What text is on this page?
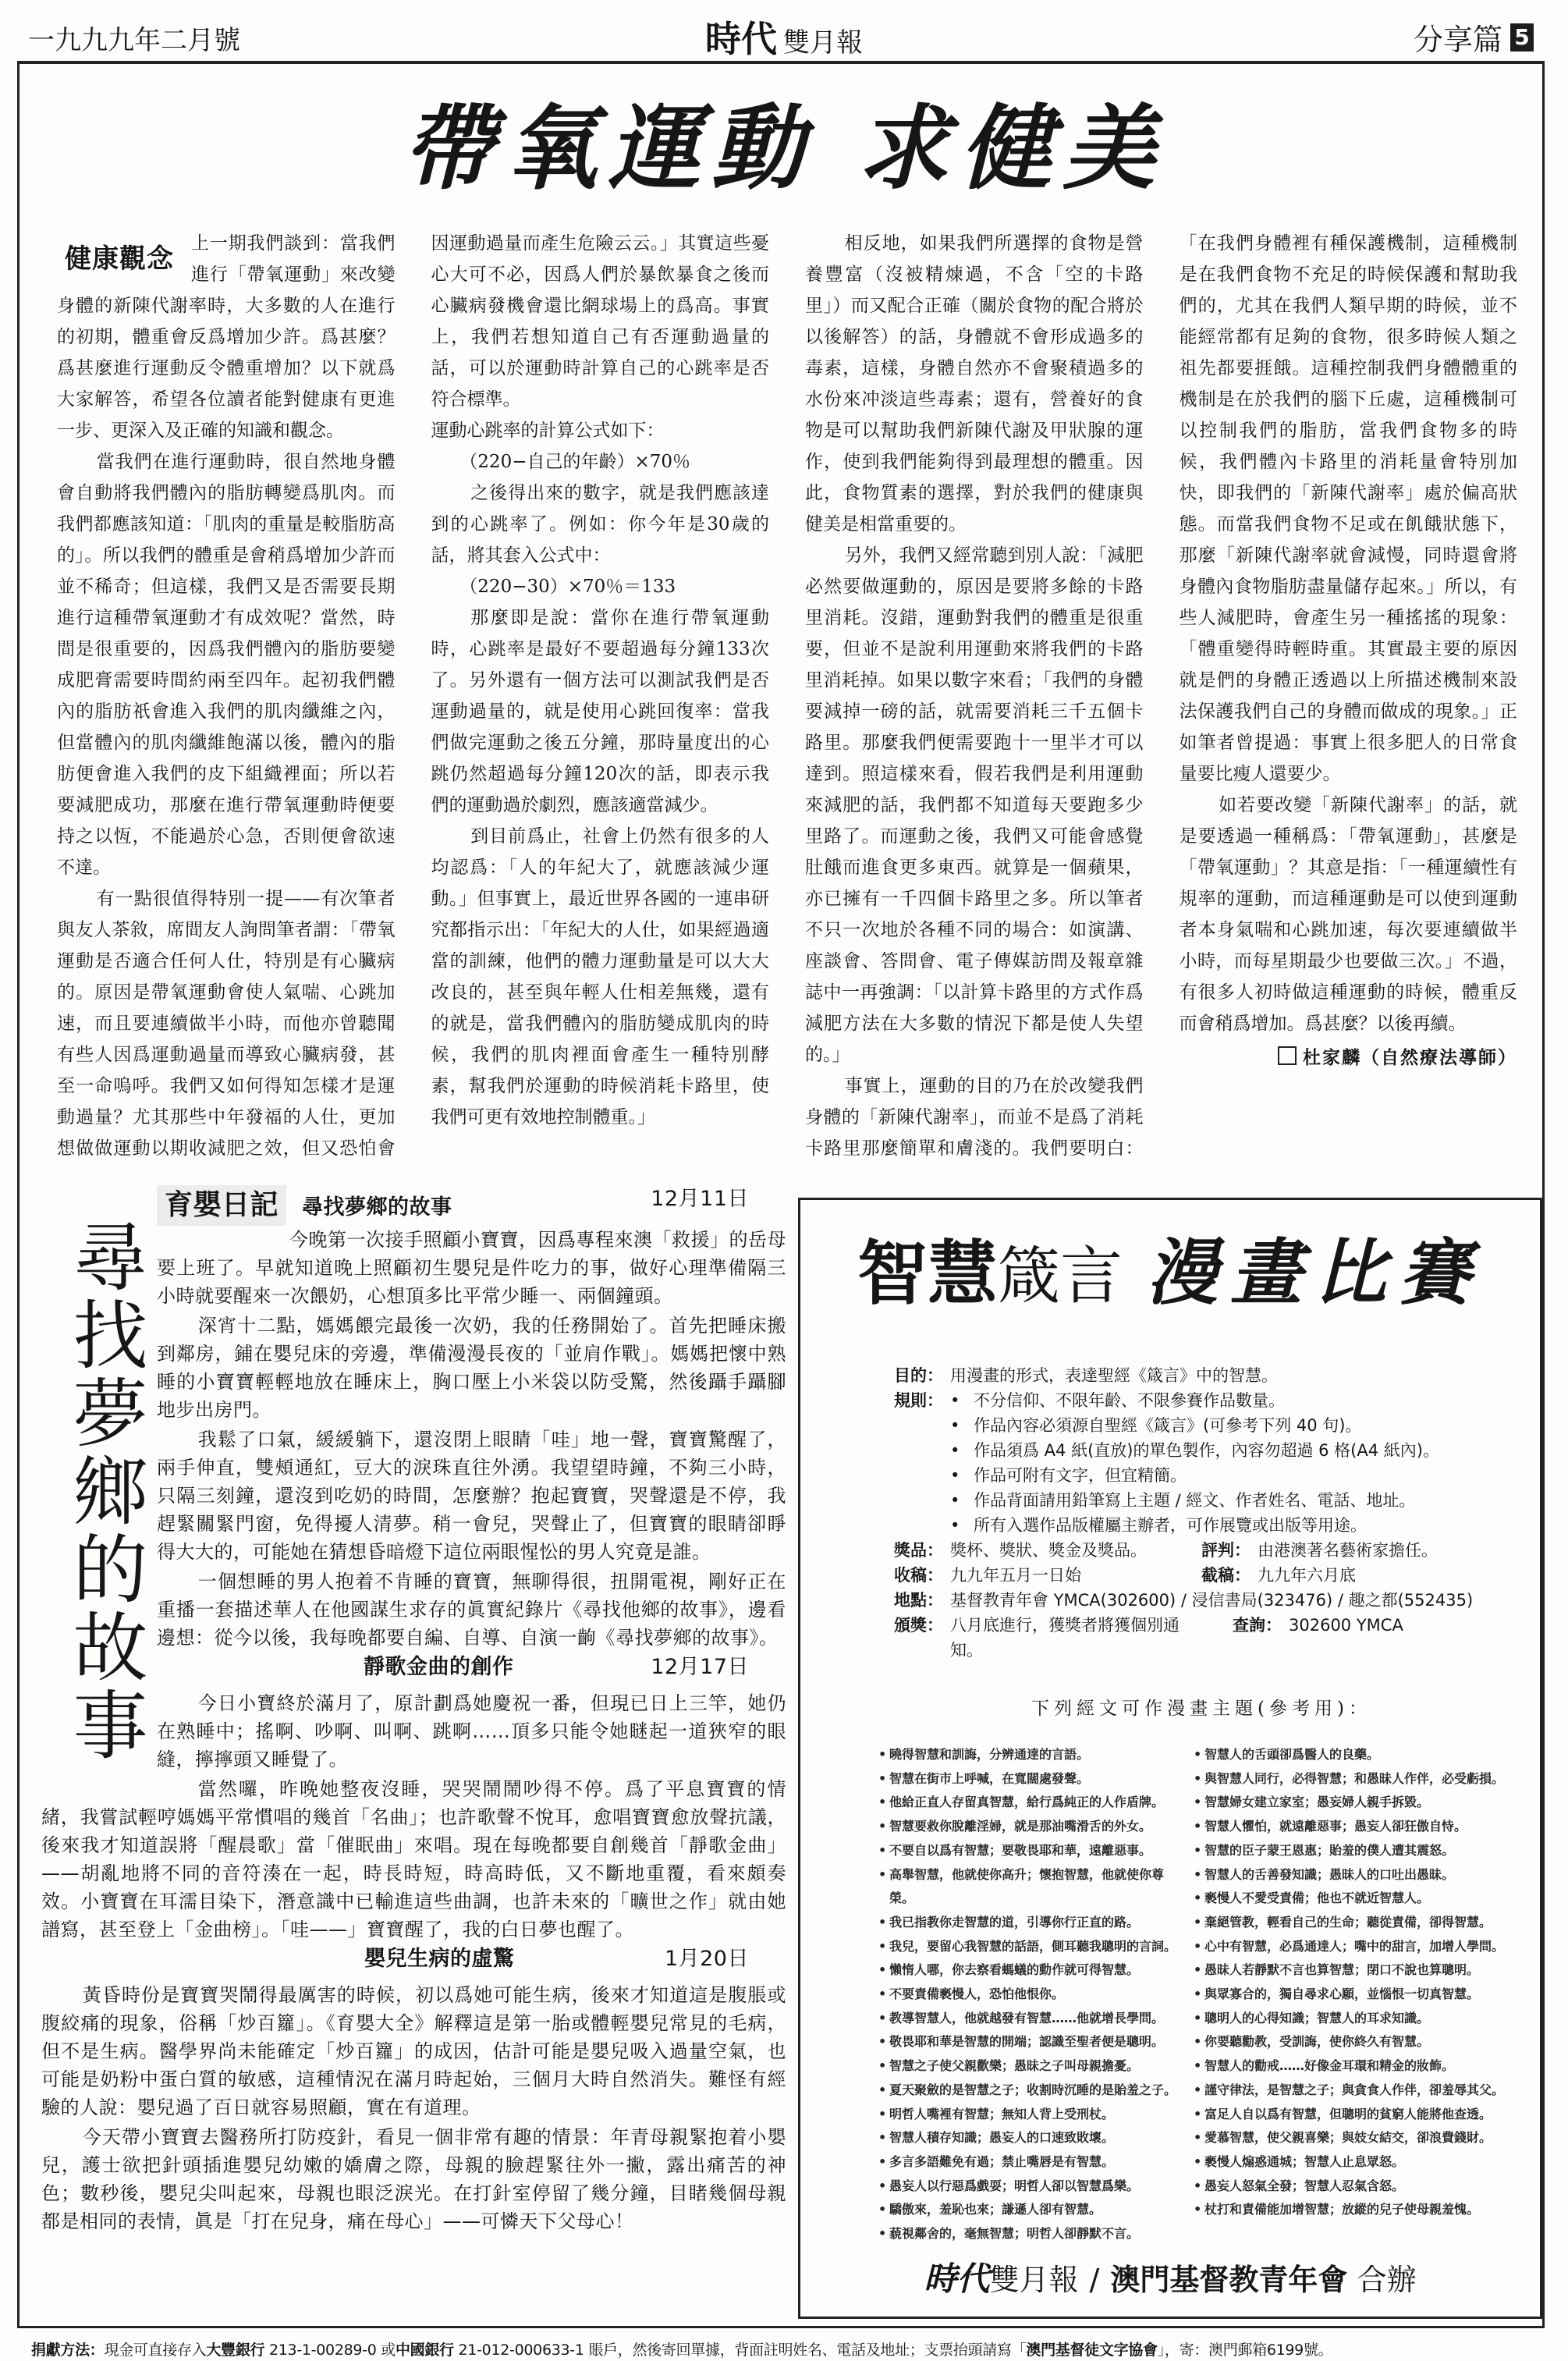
一九九九年二月號	時代 雙月報	分享篇 5
帶氧運動 求健美
健康觀念 上一期我們談到：當我們進行「帶氧運動」來改變身體的新陳代謝率時，大多數的人在進行的初期，體重會反爲增加少許。爲甚麼？爲甚麼進行運動反令體重增加？以下就爲大家解答，希望各位讀者能對健康有更進一步、更深入及正確的知識和觀念。

當我們在進行運動時，很自然地身體會自動將我們體內的脂肪轉變爲肌肉。而我們都應該知道：「肌肉的重量是較脂肪高的」。所以我們的體重是會稍爲增加少許而並不稀奇；但這樣，我們又是否需要長期進行這種帶氧運動才有成效呢？當然，時間是很重要的，因爲我們體內的脂肪要變成肥膏需要時間約兩至四年。起初我們體內的脂肪祇會進入我們的肌肉纖維之內，但當體內的肌肉纖維飽滿以後，體內的脂肪便會進入我們的皮下組織裡面；所以若要減肥成功，那麼在進行帶氧運動時便要持之以恆，不能過於心急，否則便會欲速不達。

有一點很值得特別一提——有次筆者與友人茶敘，席間友人詢問筆者謂：「帶氧運動是否適合任何人仕，特別是有心臟病的。原因是帶氧運動會使人氣喘、心跳加速，而且要連續做半小時，而他亦曾聽聞有些人因爲運動過量而導致心臟病發，甚至一命嗚呼。我們又如何得知怎樣才是運動過量？尤其那些中年發福的人仕，更加想做做運動以期收減肥之效，但又恐怕會因運動過量而產生危險云云。」其實這些憂心大可不必，因爲人們於暴飲暴食之後而心臟病發機會還比網球場上的爲高。事實上，我們若想知道自己有否運動過量的話，可以於運動時計算自己的心跳率是否符合標準。

運動心跳率的計算公式如下：

（220−自己的年齡）×70％

之後得出來的數字，就是我們應該達到的心跳率了。例如：你今年是30歲的話，將其套入公式中：

（220−30）×70％＝133

那麼即是說：當你在進行帶氧運動時，心跳率是最好不要超過每分鐘133次了。另外還有一個方法可以測試我們是否運動過量的，就是使用心跳回復率：當我們做完運動之後五分鐘，那時量度出的心跳仍然超過每分鐘120次的話，即表示我們的運動過於劇烈，應該適當減少。

到目前爲止，社會上仍然有很多的人均認爲：「人的年紀大了，就應該減少運動。」但事實上，最近世界各國的一連串研究都指示出：「年紀大的人仕，如果經過適當的訓練，他們的體力運動量是可以大大改良的，甚至與年輕人仕相差無幾，還有的就是，當我們體內的脂肪變成肌肉的時候，我們的肌肉裡面會產生一種特別酵素，幫我們於運動的時候消耗卡路里，使我們可更有效地控制體重。」

相反地，如果我們所選擇的食物是營養豐富（沒被精煉過，不含「空的卡路里」）而又配合正確（關於食物的配合將於以後解答）的話，身體就不會形成過多的毒素，這樣，身體自然亦不會聚積過多的水份來冲淡這些毒素；還有，營養好的食物是可以幫助我們新陳代謝及甲狀腺的運作，使到我們能夠得到最理想的體重。因此，食物質素的選擇，對於我們的健康與健美是相當重要的。

另外，我們又經常聽到別人說：「減肥必然要做運動的，原因是要將多餘的卡路里消耗。沒錯，運動對我們的體重是很重要，但並不是說利用運動來將我們的卡路里消耗掉。如果以數字來看；「我們的身體要減掉一磅的話，就需要消耗三千五個卡路里。那麼我們便需要跑十一里半才可以達到。照這樣來看，假若我們是利用運動來減肥的話，我們都不知道每天要跑多少里路了。而運動之後，我們又可能會感覺肚餓而進食更多東西。就算是一個蘋果，亦已擁有一千四個卡路里之多。所以筆者不只一次地於各種不同的場合：如演講、座談會、答問會、電子傳媒訪問及報章雜誌中一再強調：「以計算卡路里的方式作爲減肥方法在大多數的情況下都是使人失望的。」

事實上，運動的目的乃在於改變我們身體的「新陳代謝率」，而並不是爲了消耗卡路里那麼簡單和膚淺的。我們要明白：「在我們身體裡有種保護機制，這種機制是在我們食物不充足的時候保護和幫助我們的，尤其在我們人類早期的時候，並不能經常都有足夠的食物，很多時候人類之祖先都要捱餓。這種控制我們身體體重的機制是在於我們的腦下丘處，這種機制可以控制我們的脂肪，當我們食物多的時候，我們體內卡路里的消耗量會特別加快，即我們的「新陳代謝率」處於偏高狀態。而當我們食物不足或在飢餓狀態下，那麼「新陳代謝率就會減慢，同時還會將身體內食物脂肪盡量儲存起來。」所以，有些人減肥時，會產生另一種搖搖的現象：「體重變得時輕時重。其實最主要的原因就是們的身體正透過以上所描述機制來設法保護我們自己的身體而做成的現象。」正如筆者曾提過：事實上很多肥人的日常食量要比瘦人還要少。

如若要改變「新陳代謝率」的話，就是要透過一種稱爲：「帶氧運動」，甚麼是「帶氧運動」？其意是指：「一種運續性有規率的運動，而這種運動是可以使到運動者本身氣喘和心跳加速，每次要連續做半小時，而每星期最少也要做三次。」不過，有很多人初時做這種運動的時候，體重反而會稍爲增加。爲甚麼？以後再續。

杜家麟（自然療法導師）
尋找夢鄉的故事
育嬰日記 尋找夢鄉的故事	12月11日

今晚第一次接手照顧小寶寶，因爲專程來澳「救援」的岳母要上班了。早就知道晚上照顧初生嬰兒是件吃力的事，做好心理準備隔三小時就要醒來一次餵奶，心想頂多比平常少睡一、兩個鐘頭。

深宵十二點，媽媽餵完最後一次奶，我的任務開始了。首先把睡床搬到鄰房，鋪在嬰兒床的旁邊，準備漫漫長夜的「並肩作戰」。媽媽把懷中熟睡的小寶寶輕輕地放在睡床上，胸口壓上小米袋以防受驚，然後躡手躡腳地步出房門。

我鬆了口氣，緩緩躺下，還沒閉上眼睛「哇」地一聲，寶寶驚醒了，兩手伸直，雙頰通紅，豆大的淚珠直往外湧。我望望時鐘，不夠三小時，只隔三刻鐘，還沒到吃奶的時間，怎麼辦？抱起寶寶，哭聲還是不停，我趕緊關緊門窗，免得擾人清夢。稍一會兒，哭聲止了，但寶寶的眼睛卻睜得大大的，可能她在猜想昏暗燈下這位兩眼惺忪的男人究竟是誰。

一個想睡的男人抱着不肯睡的寶寶，無聊得很，扭開電視，剛好正在重播一套描述華人在他國謀生求存的眞實紀錄片《尋找他鄉的故事》，邊看邊想：從今以後，我每晚都要自編、自導、自演一齣《尋找夢鄉的故事》。

靜歌金曲的創作	12月17日

今日小寶終於滿月了，原計劃爲她慶祝一番，但現已日上三竿，她仍在熟睡中；搖啊、吵啊、叫啊、跳啊……頂多只能令她瞇起一道狹窄的眼縫，擰擰頭又睡覺了。

當然囉，昨晚她整夜沒睡，哭哭鬧鬧吵得不停。爲了平息寶寶的情緒，我嘗試輕哼媽媽平常慣唱的幾首「名曲」；也許歌聲不悅耳，愈唱寶寶愈放聲抗議，後來我才知道誤將「醒晨歌」當「催眠曲」來唱。現在每晚都要自創幾首「靜歌金曲」——胡亂地將不同的音符湊在一起，時長時短，時高時低，又不斷地重覆，看來頗奏效。小寶寶在耳濡目染下，潛意識中已輸進這些曲調，也許未來的「曠世之作」就由她譜寫，甚至登上「金曲榜」。「哇——」寶寶醒了，我的白日夢也醒了。

嬰兒生病的虛驚	1月20日

黃昏時份是寶寶哭鬧得最厲害的時候，初以爲她可能生病，後來才知道這是腹脹或腹絞痛的現象，俗稱「炒百籮」。《育嬰大全》解釋這是第一胎或體輕嬰兒常見的毛病，但不是生病。醫學界尚未能確定「炒百籮」的成因，估計可能是嬰兒吸入過量空氣，也可能是奶粉中蛋白質的敏感，這種情況在滿月時起始，三個月大時自然消失。難怪有經驗的人說：嬰兒過了百日就容易照顧，實在有道理。

今天帶小寶寶去醫務所打防疫針，看見一個非常有趣的情景：年青母親緊抱着小嬰兒，護士欲把針頭插進嬰兒幼嫩的嬌膚之際，母親的臉趕緊往外一撇，露出痛苦的神色；數秒後，嬰兒尖叫起來，母親也眼泛淚光。在打針室停留了幾分鐘，目睹幾個母親都是相同的表情，眞是「打在兒身，痛在母心」——可憐天下父母心！

智慧箴言 漫畫比賽
目的： 用漫畫的形式，表達聖經《箴言》中的智慧。
規則： • 不分信仰、不限年齡、不限參賽作品數量。
• 作品內容必須源自聖經《箴言》(可參考下列 40 句)。
• 作品須爲 A4 紙(直放)的單色製作，內容勿超過 6 格(A4 紙內)。
• 作品可附有文字，但宜精簡。
• 作品背面請用鉛筆寫上主題 / 經文、作者姓名、電話、地址。
• 所有入選作品版權屬主辦者，可作展覽或出版等用途。
獎品： 獎杯、獎狀、獎金及獎品。	評判： 由港澳著名藝術家擔任。
收稿： 九九年五月一日始	截稿： 九九年六月底
地點： 基督教青年會 YMCA(302600) / 浸信書局(323476) / 趣之都(552435)
頒獎： 八月底進行，獲獎者將獲個別通知。
查詢： 302600 YMCA
下列經文可作漫畫主題(參考用)：
• 曉得智慧和訓誨，分辨通達的言語。
• 智慧在街市上呼喊，在寬闊處發聲。
• 他給正直人存留真智慧，給行爲純正的人作盾牌。
• 智慧要救你脫離淫婦，就是那油嘴滑舌的外女。
• 不要自以爲有智慧；要敬畏耶和華，遠離惡事。
• 高舉智慧，他就使你高升；懷抱智慧，他就使你尊榮。
• 我已指教你走智慧的道，引導你行正直的路。
• 我兒，要留心我智慧的話語，側耳聽我聰明的言詞。
• 懶惰人哪，你去察看螞蟻的動作就可得智慧。
• 不要責備褻慢人，恐怕他恨你。
• 教導智慧人，他就越發有智慧……他就增長學問。
• 敬畏耶和華是智慧的開端；認識至聖者便是聰明。
• 智慧之子使父親歡樂；愚昧之子叫母親擔憂。
• 夏天聚斂的是智慧之子；收割時沉睡的是貽羞之子。
• 明哲人嘴裡有智慧；無知人背上受刑杖。
• 智慧人積存知識；愚妄人的口速致敗壞。
• 多言多語難免有過；禁止嘴唇是有智慧。
• 愚妄人以行惡爲戲耍；明哲人卻以智慧爲樂。
• 驕傲來，羞恥也來；謙遜人卻有智慧。
• 藐視鄰舍的，毫無智慧；明哲人卻靜默不言。
• 智慧人的舌頭卻爲醫人的良藥。
• 與智慧人同行，必得智慧；和愚昧人作伴，必受虧損。
• 智慧婦女建立家室；愚妄婦人親手拆毀。
• 智慧人懼怕，就遠離惡事；愚妄人卻狂傲自恃。
• 智慧的臣子蒙王恩惠；貽羞的僕人遭其震怒。
• 智慧人的舌善發知識；愚昧人的口吐出愚昧。
• 褻慢人不愛受責備；他也不就近智慧人。
• 棄絕管教，輕看自己的生命；聽從責備，卻得智慧。
• 心中有智慧，必爲通達人；嘴中的甜言，加增人學問。
• 愚昧人若靜默不言也算智慧；閉口不說也算聰明。
• 與眾寡合的，獨自尋求心願，並惱恨一切真智慧。
• 聰明人的心得知識；智慧人的耳求知識。
• 你要聽勸教，受訓誨，使你終久有智慧。
• 智慧人的勸戒……好像金耳環和精金的妝飾。
• 謹守律法，是智慧之子；與貪食人作伴，卻羞辱其父。
• 富足人自以爲有智慧，但聰明的貧窮人能將他查透。
• 愛慕智慧，使父親喜樂；與妓女結交，卻浪費錢財。
• 褻慢人煽惑通城；智慧人止息眾怒。
• 愚妄人怒氣全發；智慧人忍氣含怒。
• 杖打和責備能加增智慧；放縱的兒子使母親羞愧。
時代雙月報 / 澳門基督教青年會 合辦
捐獻方法：現金可直接存入大豐銀行 213-1-00289-0 或中國銀行 21-012-000633-1 賬戶，然後寄回單據，背面註明姓名、電話及地址；支票抬頭請寫「澳門基督徒文字協會」，寄：澳門郵箱6199號。
